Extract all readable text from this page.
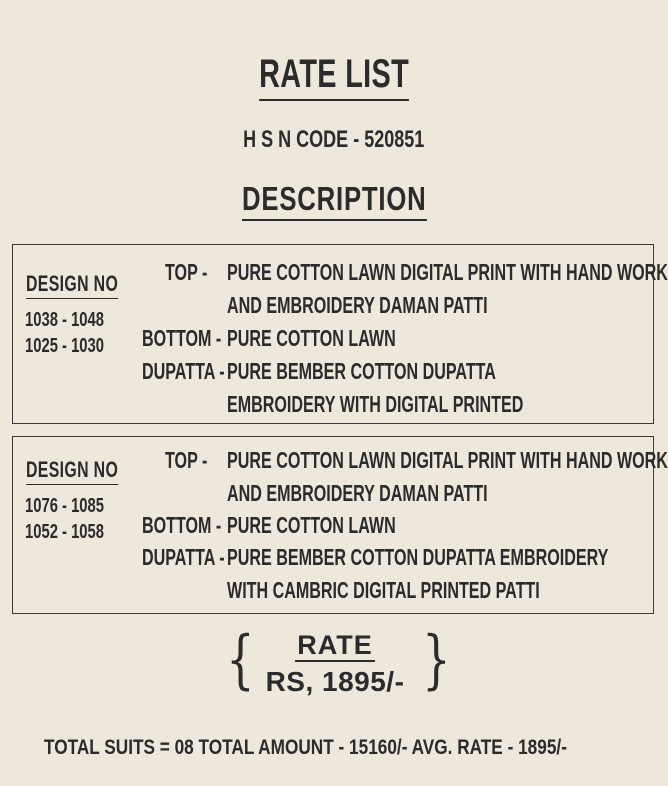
RATE LIST
H S N CODE - 520851
DESCRIPTION
DESIGN NO
1038 - 1048
1025 - 1030
TOP - PURE COTTON LAWN DIGITAL PRINT WITH HAND WORK
AND EMBROIDERY DAMAN PATTI
BOTTOM - PURE COTTON LAWN
DUPATTA - PURE BEMBER COTTON DUPATTA
EMBROIDERY WITH DIGITAL PRINTED
DESIGN NO
1076 - 1085
1052 - 1058
TOP - PURE COTTON LAWN DIGITAL PRINT WITH HAND WORK
AND EMBROIDERY DAMAN PATTI
BOTTOM - PURE COTTON LAWN
DUPATTA - PURE BEMBER COTTON DUPATTA EMBROIDERY
WITH CAMBRIC DIGITAL PRINTED PATTI
{	}
RATE
RS, 1895/-
TOTAL SUITS = 08 TOTAL AMOUNT - 15160/- AVG. RATE - 1895/-
